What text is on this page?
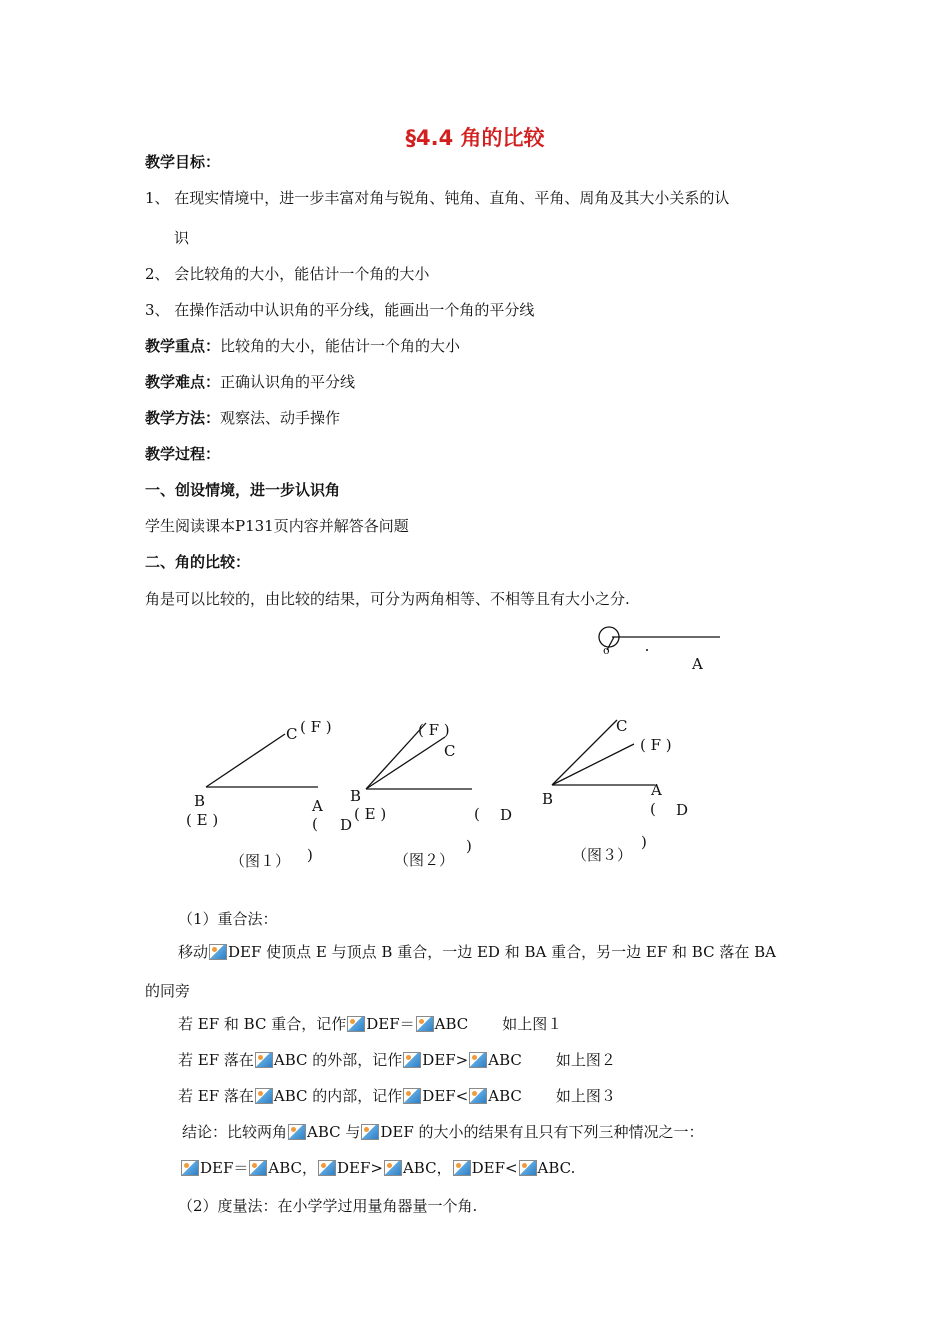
§4.4 角的比较
教学目标：
1、 在现实情境中，进一步丰富对角与锐角、钝角、直角、平角、周角及其大小关系的认
识
2、 会比较角的大小，能估计一个角的大小
3、 在操作活动中认识角的平分线，能画出一个角的平分线
教学重点：比较角的大小，能估计一个角的大小
教学难点：正确认识角的平分线
教学方法：观察法、动手操作
教学过程：
一、创设情境，进一步认识角
学生阅读课本P131页内容并解答各问题
二、角的比较：
角是可以比较的，由比较的结果，可分为两角相等、不相等且有大小之分.
o
A
C ( F )
B
( E )
A
( D
)
（图１）
( F )
C
B
( E )	( D
)
（图２）
C
( F )
B	A
( D
)
（图３）
（1）重合法：
移动 DEF 使顶点 E 与顶点 B 重合，一边 ED 和 BA 重合，另一边 EF 和 BC 落在 BA
的同旁
若 EF 和 BC 重合，记作 DEF＝ ABC 如上图１
若 EF 落在 ABC 的外部，记作 DEF> ABC 如上图２
若 EF 落在 ABC 的内部，记作 DEF< ABC 如上图３
结论：比较两角 ABC 与 DEF 的大小的结果有且只有下列三种情况之一：
DEF＝ ABC， DEF> ABC， DEF< ABC.
（2）度量法：在小学学过用量角器量一个角.
